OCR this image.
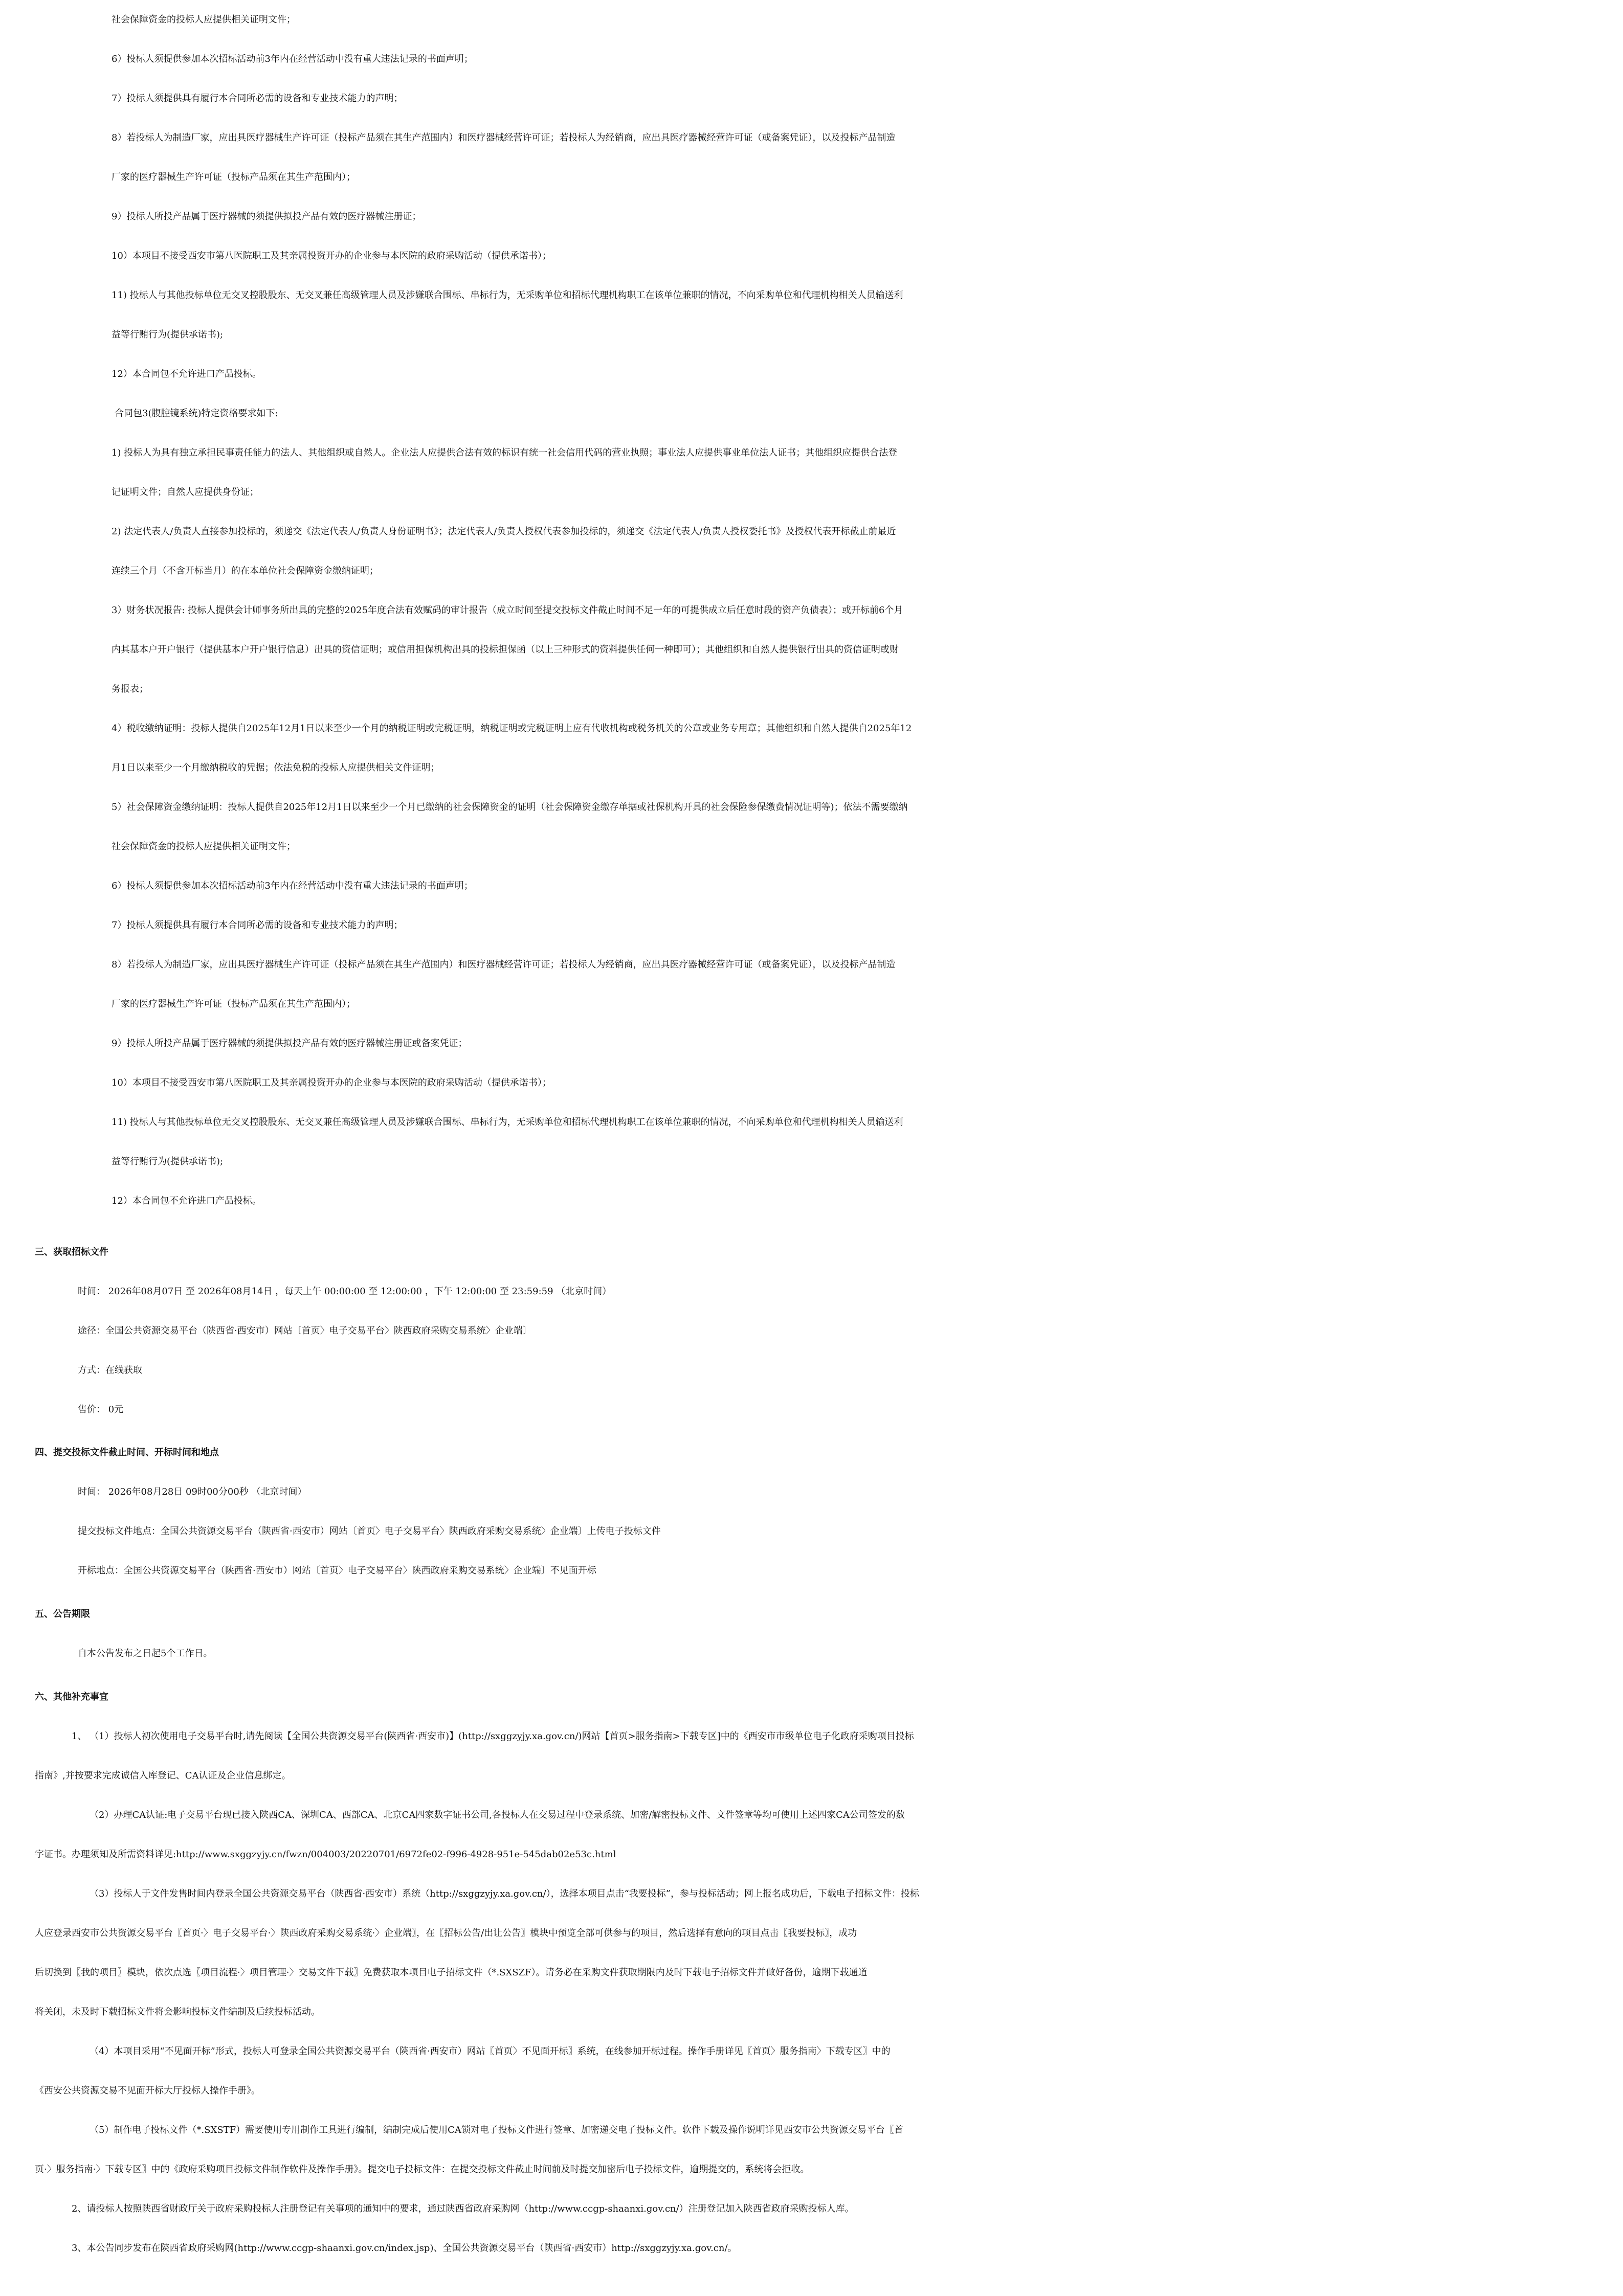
社会保障资金的投标人应提供相关证明文件；
6）投标人须提供参加本次招标活动前3年内在经营活动中没有重大违法记录的书面声明；
7）投标人须提供具有履行本合同所必需的设备和专业技术能力的声明；
8）若投标人为制造厂家，应出具医疗器械生产许可证（投标产品须在其生产范围内）和医疗器械经营许可证；若投标人为经销商，应出具医疗器械经营许可证（或备案凭证），以及投标产品制造
厂家的医疗器械生产许可证（投标产品须在其生产范围内）；
9）投标人所投产品属于医疗器械的须提供拟投产品有效的医疗器械注册证；
10）本项目不接受西安市第八医院职工及其亲属投资开办的企业参与本医院的政府采购活动（提供承诺书）；
11) 投标人与其他投标单位无交叉控股股东、无交叉兼任高级管理人员及涉嫌联合围标、串标行为，无采购单位和招标代理机构职工在该单位兼职的情况，不向采购单位和代理机构相关人员输送利
益等行贿行为(提供承诺书);
12）本合同包不允许进口产品投标。
合同包3(腹腔镜系统)特定资格要求如下:
1) 投标人为具有独立承担民事责任能力的法人、其他组织或自然人。企业法人应提供合法有效的标识有统一社会信用代码的营业执照；事业法人应提供事业单位法人证书；其他组织应提供合法登
记证明文件；自然人应提供身份证；
2) 法定代表人/负责人直接参加投标的，须递交《法定代表人/负责人身份证明书》；法定代表人/负责人授权代表参加投标的，须递交《法定代表人/负责人授权委托书》及授权代表开标截止前最近
连续三个月（不含开标当月）的在本单位社会保障资金缴纳证明；
3）财务状况报告: 投标人提供会计师事务所出具的完整的2025年度合法有效赋码的审计报告（成立时间至提交投标文件截止时间不足一年的可提供成立后任意时段的资产负债表）；或开标前6个月
内其基本户开户银行（提供基本户开户银行信息）出具的资信证明；或信用担保机构出具的投标担保函（以上三种形式的资料提供任何一种即可）；其他组织和自然人提供银行出具的资信证明或财
务报表；
4）税收缴纳证明：投标人提供自2025年12月1日以来至少一个月的纳税证明或完税证明，纳税证明或完税证明上应有代收机构或税务机关的公章或业务专用章；其他组织和自然人提供自2025年12
月1日以来至少一个月缴纳税收的凭据；依法免税的投标人应提供相关文件证明；
5）社会保障资金缴纳证明：投标人提供自2025年12月1日以来至少一个月已缴纳的社会保障资金的证明（社会保障资金缴存单据或社保机构开具的社会保险参保缴费情况证明等)；依法不需要缴纳
社会保障资金的投标人应提供相关证明文件；
6）投标人须提供参加本次招标活动前3年内在经营活动中没有重大违法记录的书面声明；
7）投标人须提供具有履行本合同所必需的设备和专业技术能力的声明；
8）若投标人为制造厂家，应出具医疗器械生产许可证（投标产品须在其生产范围内）和医疗器械经营许可证；若投标人为经销商，应出具医疗器械经营许可证（或备案凭证），以及投标产品制造
厂家的医疗器械生产许可证（投标产品须在其生产范围内）；
9）投标人所投产品属于医疗器械的须提供拟投产品有效的医疗器械注册证或备案凭证；
10）本项目不接受西安市第八医院职工及其亲属投资开办的企业参与本医院的政府采购活动（提供承诺书）；
11) 投标人与其他投标单位无交叉控股股东、无交叉兼任高级管理人员及涉嫌联合围标、串标行为，无采购单位和招标代理机构职工在该单位兼职的情况，不向采购单位和代理机构相关人员输送利
益等行贿行为(提供承诺书);
12）本合同包不允许进口产品投标。
三、获取招标文件
时间： 2026年08月07日 至 2026年08月14日 ，每天上午 00:00:00 至 12:00:00 ，下午 12:00:00 至 23:59:59 （北京时间）
途径：全国公共资源交易平台（陕西省·西安市）网站〔首页〉电子交易平台〉陕西政府采购交易系统〉企业端〕
方式：在线获取
售价： 0元
四、提交投标文件截止时间、开标时间和地点
时间： 2026年08月28日 09时00分00秒 （北京时间）
提交投标文件地点：全国公共资源交易平台（陕西省·西安市）网站〔首页〉电子交易平台〉陕西政府采购交易系统〉企业端〕上传电子投标文件
开标地点：全国公共资源交易平台（陕西省·西安市）网站〔首页〉电子交易平台〉陕西政府采购交易系统〉企业端〕不见面开标
五、公告期限
自本公告发布之日起5个工作日。
六、其他补充事宜
1、 （1）投标人初次使用电子交易平台时,请先阅读【全国公共资源交易平台(陕西省·西安市)】(http://sxggzyjy.xa.gov.cn/)网站【首页>服务指南>下载专区]中的《西安市市级单位电子化政府采购项目投标
指南》,并按要求完成诚信入库登记、CA认证及企业信息绑定。
（2）办理CA认证:电子交易平台现已接入陕西CA、深圳CA、西部CA、北京CA四家数字证书公司,各投标人在交易过程中登录系统、加密/解密投标文件、文件签章等均可使用上述四家CA公司签发的数
字证书。办理须知及所需资料详见:http://www.sxggzyjy.cn/fwzn/004003/20220701/6972fe02-f996-4928-951e-545dab02e53c.html
（3）投标人于文件发售时间内登录全国公共资源交易平台（陕西省·西安市）系统（http://sxggzyjy.xa.gov.cn/），选择本项目点击“我要投标”，参与投标活动；网上报名成功后，下载电子招标文件：投标
人应登录西安市公共资源交易平台〖首页·〉电子交易平台·〉陕西政府采购交易系统·〉企业端〗，在〖招标公告/出让公告〗模块中预览全部可供参与的项目，然后选择有意向的项目点击〖我要投标〗，成功
后切换到〖我的项目〗模块，依次点选〖项目流程·〉项目管理·〉交易文件下载〗免费获取本项目电子招标文件（*.SXSZF）。请务必在采购文件获取期限内及时下载电子招标文件并做好备份，逾期下载通道
将关闭，未及时下载招标文件将会影响投标文件编制及后续投标活动。
（4）本项目采用“不见面开标”形式，投标人可登录全国公共资源交易平台（陕西省·西安市）网站〖首页〉不见面开标〗系统，在线参加开标过程。操作手册详见〖首页〉服务指南〉下载专区〗中的
《西安公共资源交易不见面开标大厅投标人操作手册》。
（5）制作电子投标文件（*.SXSTF）需要使用专用制作工具进行编制，编制完成后使用CA锁对电子投标文件进行签章、加密递交电子投标文件。软件下载及操作说明详见西安市公共资源交易平台〖首
页·〉服务指南·〉下载专区〗中的《政府采购项目投标文件制作软件及操作手册》。提交电子投标文件：在提交投标文件截止时间前及时提交加密后电子投标文件，逾期提交的，系统将会拒收。
2、请投标人按照陕西省财政厅关于政府采购投标人注册登记有关事项的通知中的要求，通过陕西省政府采购网（http://www.ccgp-shaanxi.gov.cn/）注册登记加入陕西省政府采购投标人库。
3、本公告同步发布在陕西省政府采购网(http://www.ccgp-shaanxi.gov.cn/index.jsp)、全国公共资源交易平台（陕西省·西安市）http://sxggzyjy.xa.gov.cn/。
